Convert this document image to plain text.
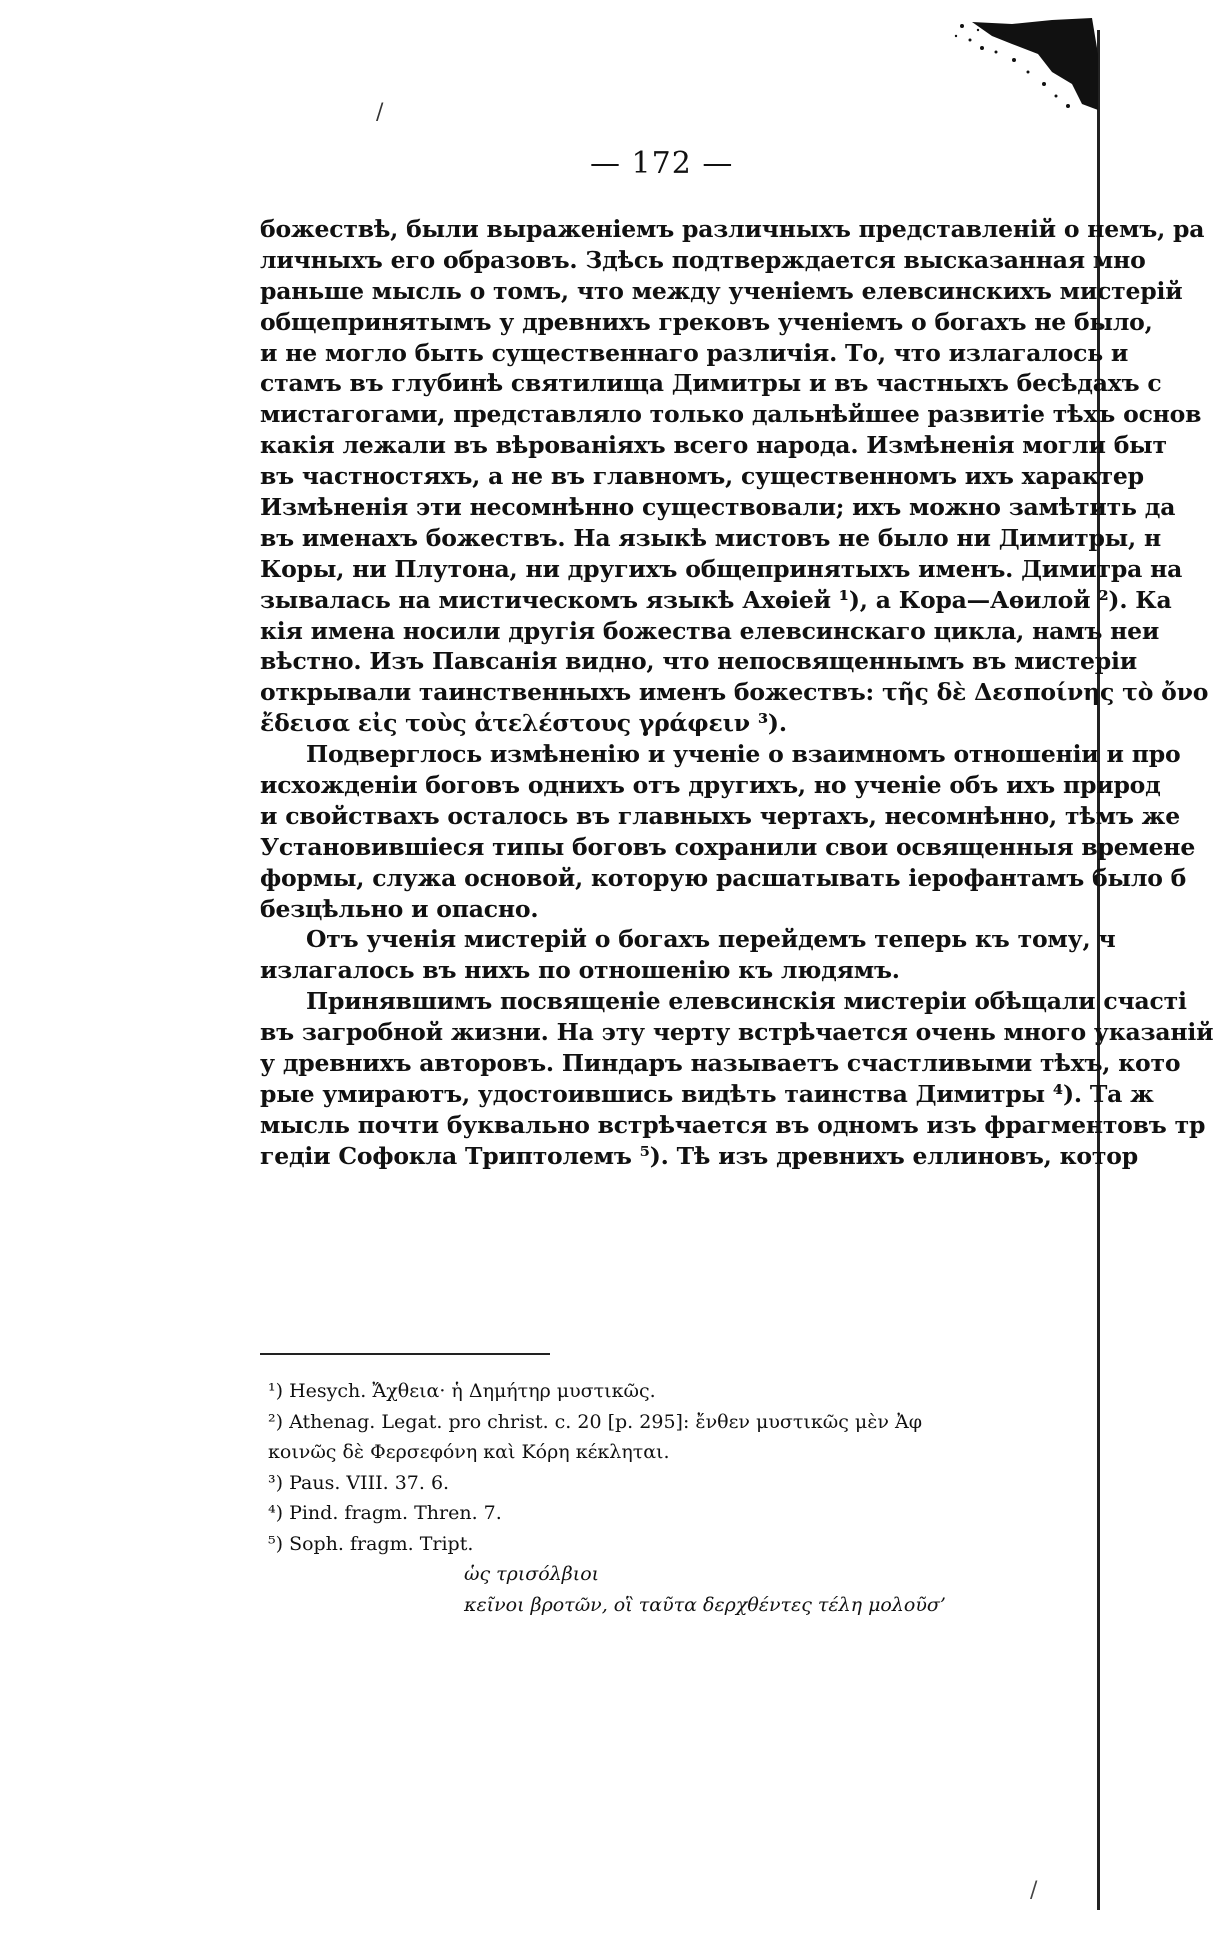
/
/
— 172 —
божествѣ, были выраженіемъ различныхъ представленій о немъ, ра
личныхъ его образовъ. Здѣсь подтверждается высказанная мно
раньше мысль о томъ, что между ученіемъ елевсинскихъ мистерій
общепринятымъ у древнихъ грековъ ученіемъ о богахъ не было,
и не могло быть существеннаго различія. То, что излагалось и
стамъ въ глубинѣ святилища Димитры и въ частныхъ бесѣдахъ с
мистагогами, представляло только дальнѣйшее развитіе тѣхъ основ
какія лежали въ вѣрованіяхъ всего народа. Измѣненія могли быт
въ частностяхъ, а не въ главномъ, существенномъ ихъ характер
Измѣненія эти несомнѣнно существовали; ихъ можно замѣтить да
въ именахъ божествъ. На языкѣ мистовъ не было ни Димитры, н
Коры, ни Плутона, ни другихъ общепринятыхъ именъ. Димитра на
зывалась на мистическомъ языкѣ Ахѳіей ¹), а Кора—Аѳилой ²). Ка
кія имена носили другія божества елевсинскаго цикла, намъ неи
вѣстно. Изъ Павсанія видно, что непосвященнымъ въ мистеріи
открывали таинственныхъ именъ божествъ: τῆς δὲ Δεσποίνης τὸ ὄνο
ἔδεισα εἰς τοὺς ἀτελέστους γράφειν ³).
Подверглось измѣненію и ученіе о взаимномъ отношеніи и про
исхожденіи боговъ однихъ отъ другихъ, но ученіе объ ихъ природ
и свойствахъ осталось въ главныхъ чертахъ, несомнѣнно, тѣмъ же
Установившіеся типы боговъ сохранили свои освященныя времене
формы, служа основой, которую расшатывать іерофантамъ было б
безцѣльно и опасно.
Отъ ученія мистерій о богахъ перейдемъ теперь къ тому, ч
излагалось въ нихъ по отношенію къ людямъ.
Принявшимъ посвященіе елевсинскія мистеріи обѣщали счасті
въ загробной жизни. На эту черту встрѣчается очень много указаній
у древнихъ авторовъ. Пиндаръ называетъ счастливыми тѣхъ, кото
рые умираютъ, удостоившись видѣть таинства Димитры ⁴). Та ж
мысль почти буквально встрѣчается въ одномъ изъ фрагментовъ тр
гедіи Софокла Триптолемъ ⁵). Тѣ изъ древнихъ еллиновъ, котор
¹) Hesych. Ἄχθεια· ἡ Δημήτηρ μυστικῶς.
²) Athenag. Legat. pro christ. c. 20 [p. 295]: ἔνθεν μυστικῶς μὲν Ἀφ
κοινῶς δὲ Φερσεφόνη καὶ Κόρη κέκληται.
³) Paus. VIII. 37. 6.
⁴) Pind. fragm. Thren. 7.
⁵) Soph. fragm. Tript.
ὡς τρισόλβιοι
κεῖνοι βροτῶν, οἳ ταῦτα δερχθέντες τέλη μολοῦσ’
